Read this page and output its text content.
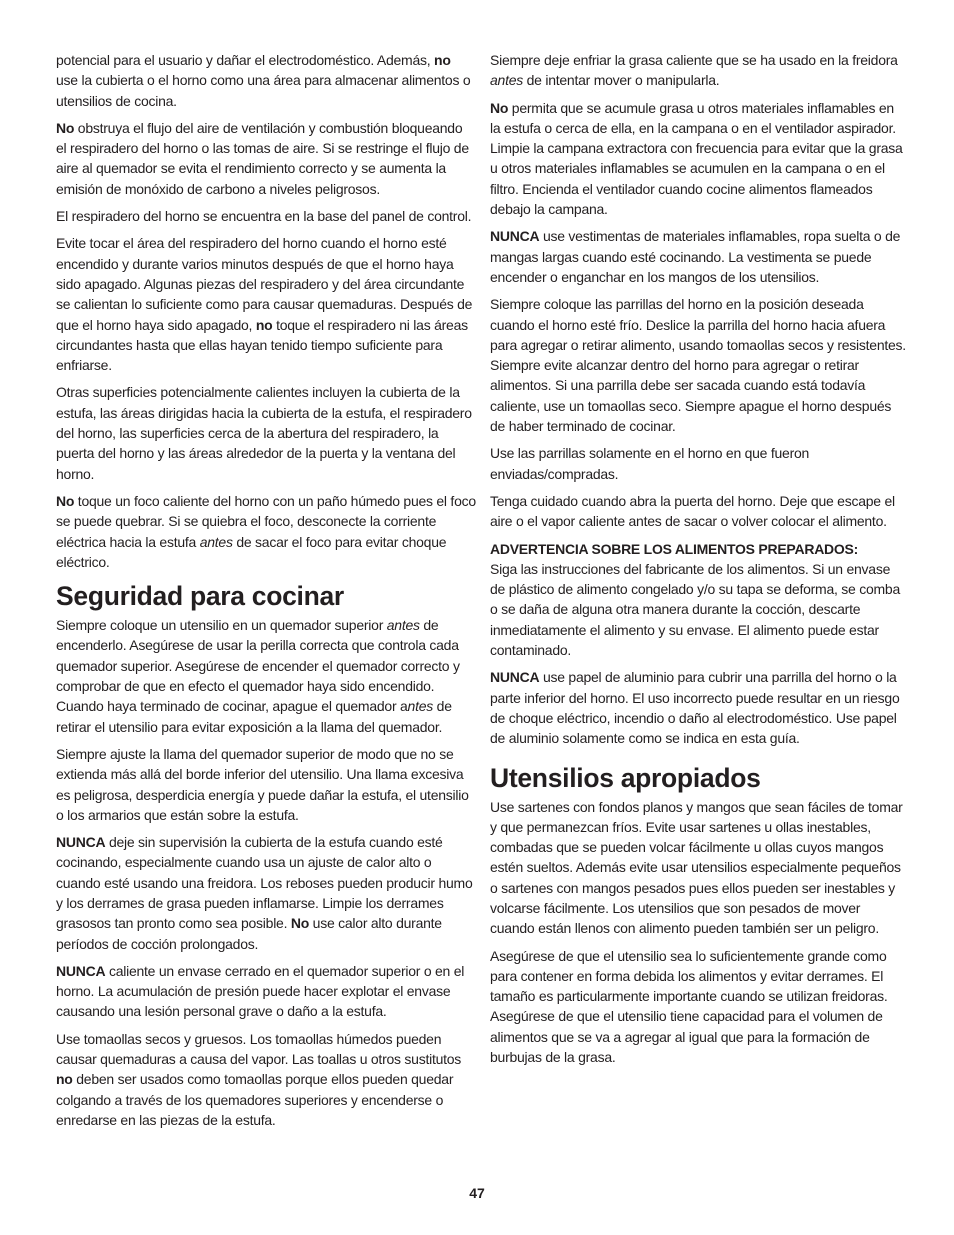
potencial para el usuario y dañar el electrodoméstico. Además, no use la cubierta o el horno como una área para almacenar alimentos o utensilios de cocina.

No obstruya el flujo del aire de ventilación y combustión bloqueando el respiradero del horno o las tomas de aire. Si se restringe el flujo de aire al quemador se evita el rendimiento correcto y se aumenta la emisión de monóxido de carbono a niveles peligrosos.

El respiradero del horno se encuentra en la base del panel de control.

Evite tocar el área del respiradero del horno cuando el horno esté encendido y durante varios minutos después de que el horno haya sido apagado. Algunas piezas del respiradero y del área circundante se calientan lo suficiente como para causar quemaduras. Después de que el horno haya sido apagado, no toque el respiradero ni las áreas circundantes hasta que ellas hayan tenido tiempo suficiente para enfriarse.

Otras superficies potencialmente calientes incluyen la cubierta de la estufa, las áreas dirigidas hacia la cubierta de la estufa, el respiradero del horno, las superficies cerca de la abertura del respiradero, la puerta del horno y las áreas alrededor de la puerta y la ventana del horno.

No toque un foco caliente del horno con un paño húmedo pues el foco se puede quebrar. Si se quiebra el foco, desconecte la corriente eléctrica hacia la estufa antes de sacar el foco para evitar choque eléctrico.

Seguridad para cocinar

Siempre coloque un utensilio en un quemador superior antes de encenderlo. Asegúrese de usar la perilla correcta que controla cada quemador superior. Asegúrese de encender el quemador correcto y comprobar de que en efecto el quemador haya sido encendido. Cuando haya terminado de cocinar, apague el quemador antes de retirar el utensilio para evitar exposición a la llama del quemador.

Siempre ajuste la llama del quemador superior de modo que no se extienda más allá del borde inferior del utensilio. Una llama excesiva es peligrosa, desperdicia energía y puede dañar la estufa, el utensilio o los armarios que están sobre la estufa.

NUNCA deje sin supervisión la cubierta de la estufa cuando esté cocinando, especialmente cuando usa un ajuste de calor alto o cuando esté usando una freidora. Los reboses pueden producir humo y los derrames de grasa pueden inflamarse. Limpie los derrames grasosos tan pronto como sea posible. No use calor alto durante períodos de cocción prolongados.

NUNCA caliente un envase cerrado en el quemador superior o en el horno. La acumulación de presión puede hacer explotar el envase causando una lesión personal grave o daño a la estufa.

Use tomaollas secos y gruesos. Los tomaollas húmedos pueden causar quemaduras a causa del vapor. Las toallas u otros sustitutos no deben ser usados como tomaollas porque ellos pueden quedar colgando a través de los quemadores superiores y encenderse o enredarse en las piezas de la estufa.

Siempre deje enfriar la grasa caliente que se ha usado en la freidora antes de intentar mover o manipularla.

No permita que se acumule grasa u otros materiales inflamables en la estufa o cerca de ella, en la campana o en el ventilador aspirador. Limpie la campana extractora con frecuencia para evitar que la grasa u otros materiales inflamables se acumulen en la campana o en el filtro. Encienda el ventilador cuando cocine alimentos flameados debajo la campana.

NUNCA use vestimentas de materiales inflamables, ropa suelta o de mangas largas cuando esté cocinando. La vestimenta se puede encender o enganchar en los mangos de los utensilios.

Siempre coloque las parrillas del horno en la posición deseada cuando el horno esté frío. Deslice la parrilla del horno hacia afuera para agregar o retirar alimento, usando tomaollas secos y resistentes. Siempre evite alcanzar dentro del horno para agregar o retirar alimentos. Si una parrilla debe ser sacada cuando está todavía caliente, use un tomaollas seco. Siempre apague el horno después de haber terminado de cocinar.

Use las parrillas solamente en el horno en que fueron enviadas/compradas.

Tenga cuidado cuando abra la puerta del horno. Deje que escape el aire o el vapor caliente antes de sacar o volver colocar el alimento.

ADVERTENCIA SOBRE LOS ALIMENTOS PREPARADOS:
Siga las instrucciones del fabricante de los alimentos. Si un envase de plástico de alimento congelado y/o su tapa se deforma, se comba o se daña de alguna otra manera durante la cocción, descarte inmediatamente el alimento y su envase. El alimento puede estar contaminado.

NUNCA use papel de aluminio para cubrir una parrilla del horno o la parte inferior del horno. El uso incorrecto puede resultar en un riesgo de choque eléctrico, incendio o daño al electrodoméstico. Use papel de aluminio solamente como se indica en esta guía.

Utensilios apropiados

Use sartenes con fondos planos y mangos que sean fáciles de tomar y que permanezcan fríos. Evite usar sartenes u ollas inestables, combadas que se pueden volcar fácilmente u ollas cuyos mangos estén sueltos. Además evite usar utensilios especialmente pequeños o sartenes con mangos pesados pues ellos pueden ser inestables y volcarse fácilmente. Los utensilios que son pesados de mover cuando están llenos con alimento pueden también ser un peligro.

Asegúrese de que el utensilio sea lo suficientemente grande como para contener en forma debida los alimentos y evitar derrames. El tamaño es particularmente importante cuando se utilizan freidoras. Asegúrese de que el utensilio tiene capacidad para el volumen de alimentos que se va a agregar al igual que para la formación de burbujas de la grasa.

47
